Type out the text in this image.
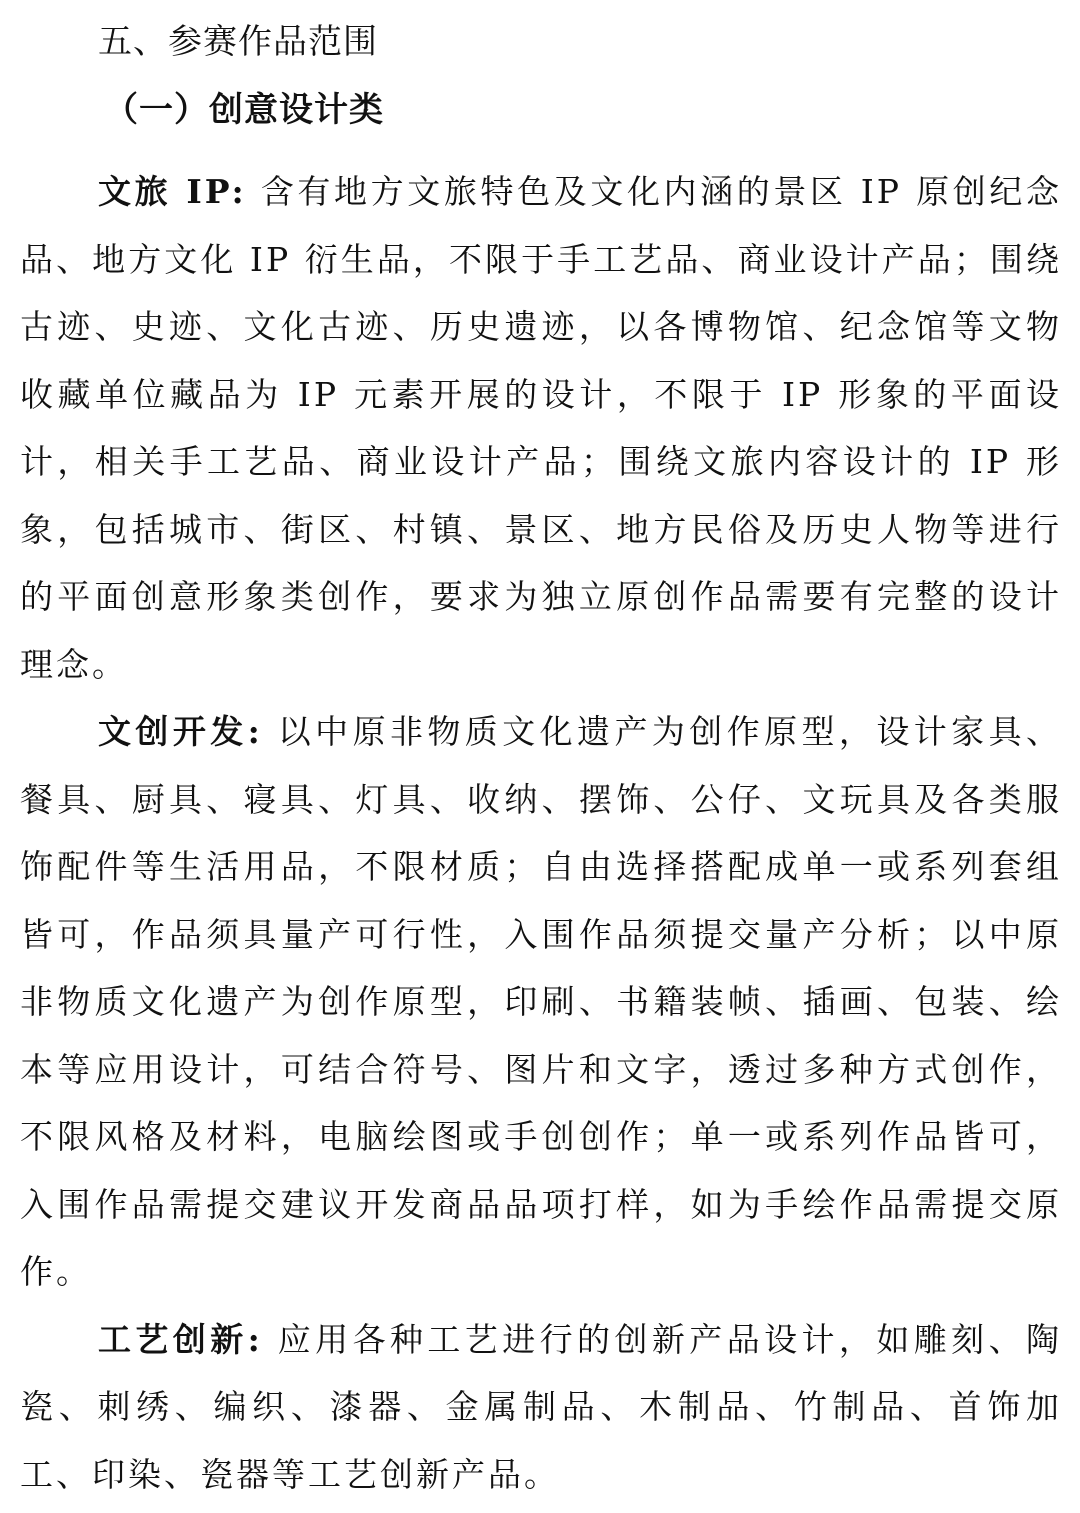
五、参赛作品范围
（一）创意设计类

文旅 IP: 含有地方文旅特色及文化内涵的景区 IP 原创纪念品、地方文化 IP 衍生品，不限于手工艺品、商业设计产品；围绕古迹、史迹、文化古迹、历史遗迹，以各博物馆、纪念馆等文物收藏单位藏品为 IP 元素开展的设计，不限于 IP 形象的平面设计，相关手工艺品、商业设计产品；围绕文旅内容设计的 IP 形象，包括城市、街区、村镇、景区、地方民俗及历史人物等进行的平面创意形象类创作，要求为独立原创作品需要有完整的设计理念。

文创开发: 以中原非物质文化遗产为创作原型，设计家具、餐具、厨具、寝具、灯具、收纳、摆饰、公仔、文玩具及各类服饰配件等生活用品，不限材质；自由选择搭配成单一或系列套组皆可，作品须具量产可行性，入围作品须提交量产分析；以中原非物质文化遗产为创作原型，印刷、书籍装帧、插画、包装、绘本等应用设计，可结合符号、图片和文字，透过多种方式创作，不限风格及材料，电脑绘图或手创创作；单一或系列作品皆可，入围作品需提交建议开发商品品项打样，如为手绘作品需提交原作。

工艺创新: 应用各种工艺进行的创新产品设计，如雕刻、陶瓷、刺绣、编织、漆器、金属制品、木制品、竹制品、首饰加工、印染、瓷器等工艺创新产品。
